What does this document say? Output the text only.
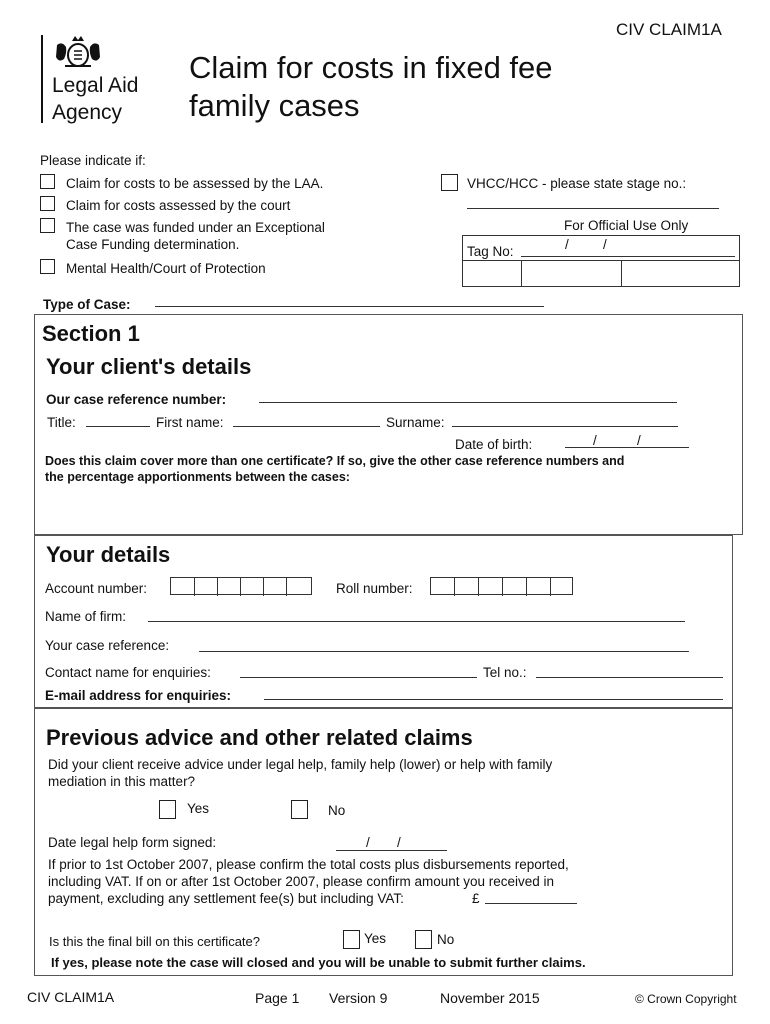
CIV CLAIM1A
Legal Aid
Agency
Claim for costs in fixed fee
family cases
Please indicate if:
Claim for costs to be assessed by the LAA.
Claim for costs assessed by the court
The case was funded under an Exceptional
Case Funding determination.
Mental Health/Court of Protection
VHCC/HCC - please state stage no.:
For Official Use Only
Tag No:	/	/
Type of Case:
Section 1
Your client's details
Our case reference number:
Title:	First name:	Surname:
Date of birth:	/	/
Does this claim cover more than one certificate? If so, give the other case reference numbers and
the percentage apportionments between the cases:
Your details
Account number:	Roll number:
Name of firm:
Your case reference:
Contact name for enquiries:	Tel no.:
E-mail address for enquiries:
Previous advice and other related claims
Did your client receive advice under legal help, family help (lower) or help with family
mediation in this matter?
Yes	No
Date legal help form signed:	/ /
If prior to 1st October 2007, please confirm the total costs plus disbursements reported,
including VAT. If on or after 1st October 2007, please confirm amount you received in
payment, excluding any settlement fee(s) but including VAT:	£
Is this the final bill on this certificate?	Yes	No
If yes, please note the case will closed and you will be unable to submit further claims.
CIV CLAIM1A	Page 1 Version 9	November 2015	© Crown Copyright
